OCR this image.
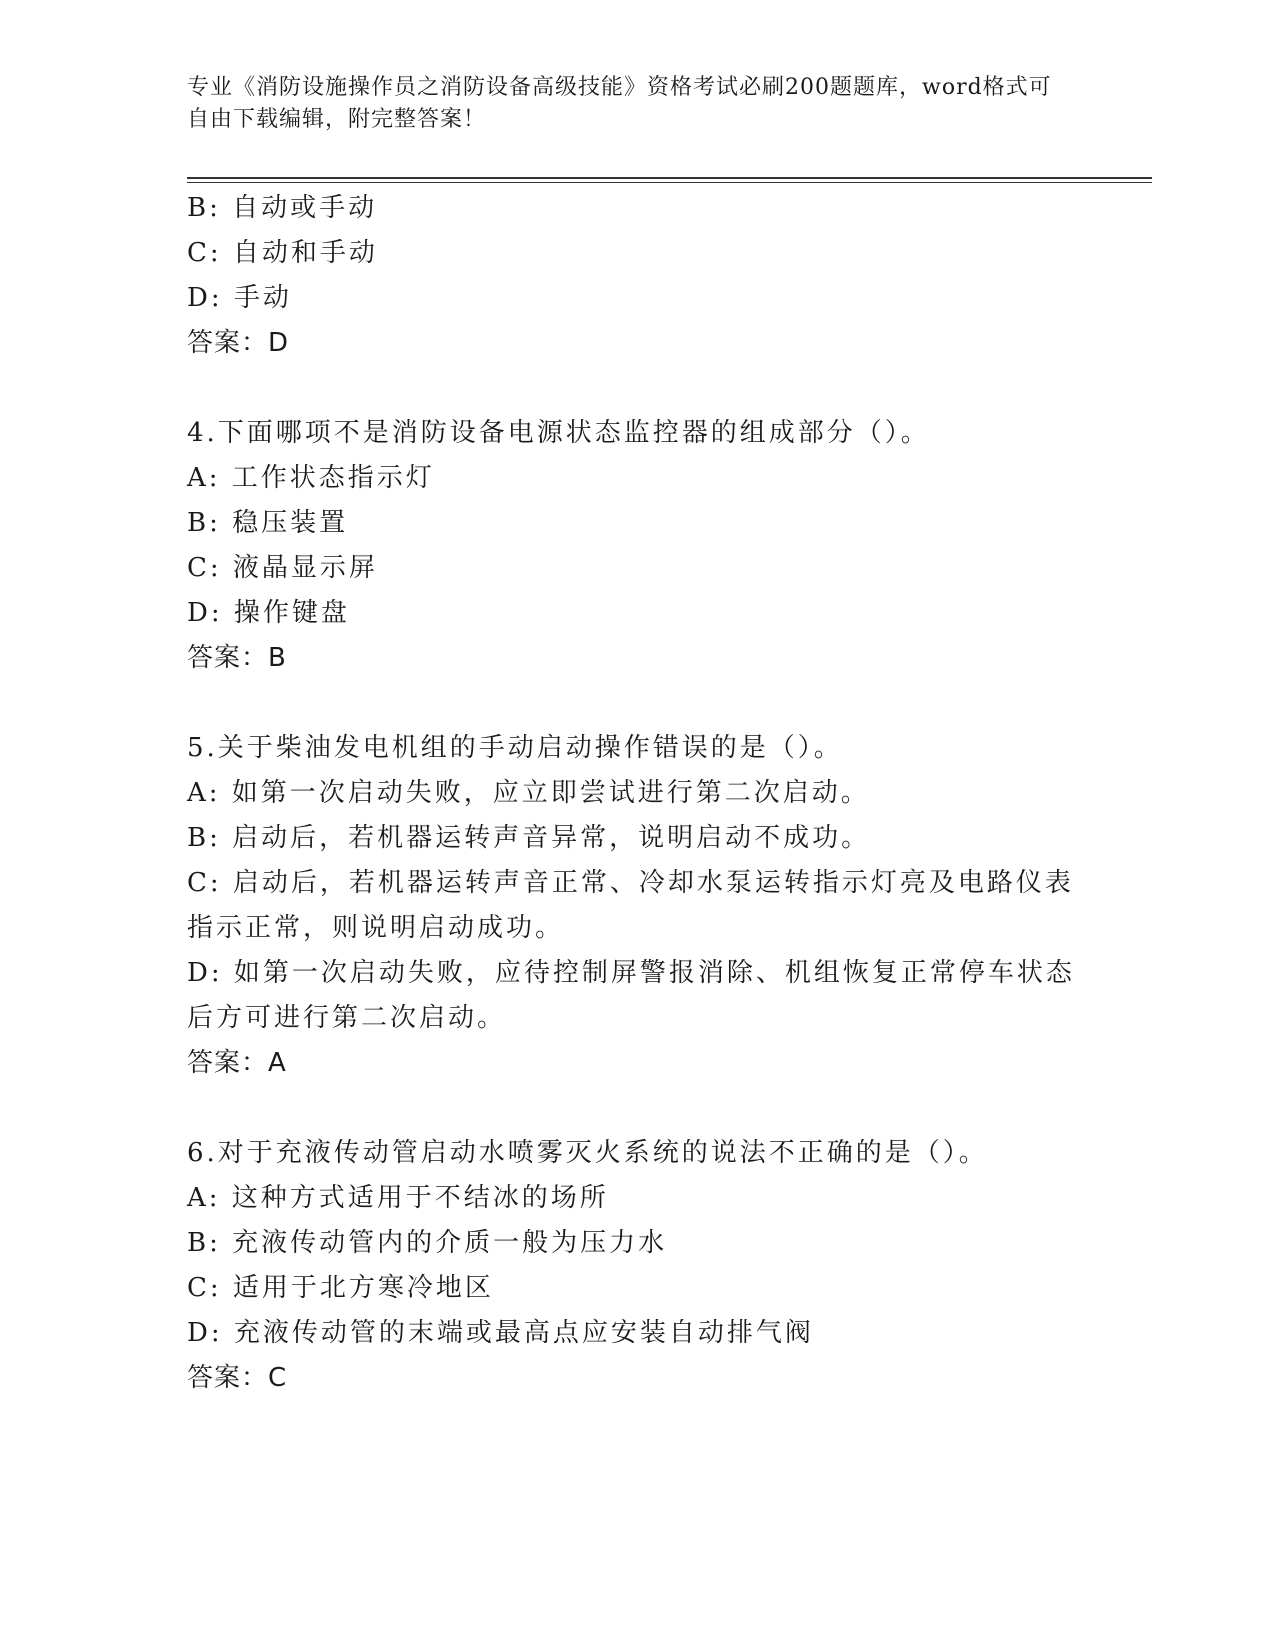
专业《消防设施操作员之消防设备高级技能》资格考试必刷200题题库，word格式可自由下载编辑，附完整答案！
B: 自动或手动
C: 自动和手动
D: 手动
答案：D
4.下面哪项不是消防设备电源状态监控器的组成部分（）。
A: 工作状态指示灯
B: 稳压装置
C: 液晶显示屏
D: 操作键盘
答案：B
5.关于柴油发电机组的手动启动操作错误的是（）。
A: 如第一次启动失败，应立即尝试进行第二次启动。
B: 启动后，若机器运转声音异常，说明启动不成功。
C: 启动后，若机器运转声音正常、冷却水泵运转指示灯亮及电路仪表指示正常，则说明启动成功。
D: 如第一次启动失败，应待控制屏警报消除、机组恢复正常停车状态后方可进行第二次启动。
答案：A
6.对于充液传动管启动水喷雾灭火系统的说法不正确的是（）。
A: 这种方式适用于不结冰的场所
B: 充液传动管内的介质一般为压力水
C: 适用于北方寒冷地区
D: 充液传动管的末端或最高点应安装自动排气阀
答案：C
